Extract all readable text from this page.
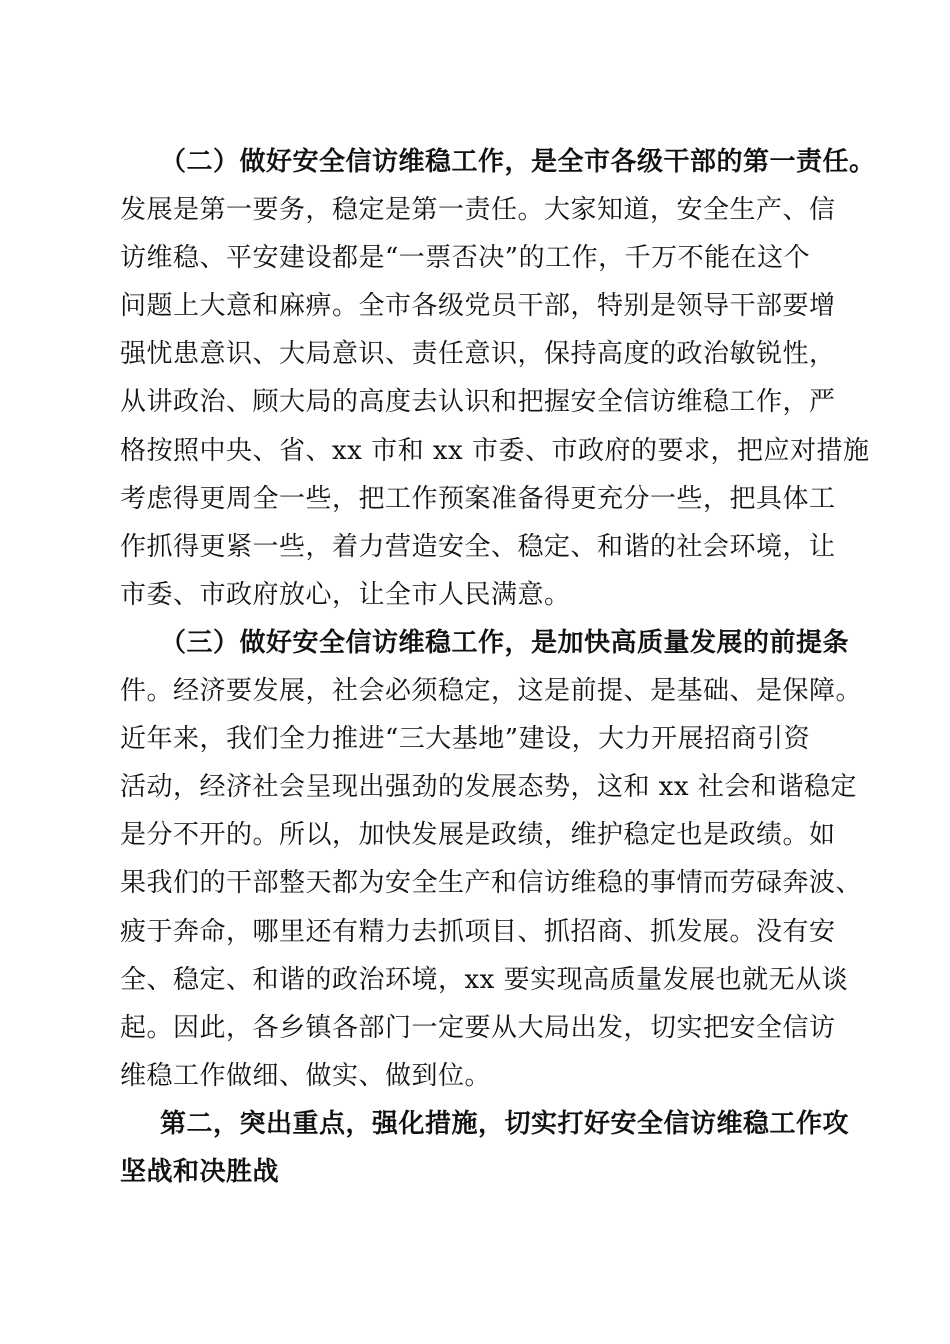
（二）做好安全信访维稳工作，是全市各级干部的第一责任。
发展是第一要务，稳定是第一责任。大家知道，安全生产、信
访维稳、平安建设都是“一票否决”的工作，千万不能在这个
问题上大意和麻痹。全市各级党员干部，特别是领导干部要增
强忧患意识、大局意识、责任意识，保持高度的政治敏锐性，
从讲政治、顾大局的高度去认识和把握安全信访维稳工作，严
格按照中央、省、xx 市和 xx 市委、市政府的要求，把应对措施
考虑得更周全一些，把工作预案准备得更充分一些，把具体工
作抓得更紧一些，着力营造安全、稳定、和谐的社会环境，让
市委、市政府放心，让全市人民满意。
（三）做好安全信访维稳工作，是加快高质量发展的前提条
件。经济要发展，社会必须稳定，这是前提、是基础、是保障。
近年来，我们全力推进“三大基地”建设，大力开展招商引资
活动，经济社会呈现出强劲的发展态势，这和 xx 社会和谐稳定
是分不开的。所以，加快发展是政绩，维护稳定也是政绩。如
果我们的干部整天都为安全生产和信访维稳的事情而劳碌奔波、
疲于奔命，哪里还有精力去抓项目、抓招商、抓发展。没有安
全、稳定、和谐的政治环境，xx 要实现高质量发展也就无从谈
起。因此，各乡镇各部门一定要从大局出发，切实把安全信访
维稳工作做细、做实、做到位。
第二，突出重点，强化措施，切实打好安全信访维稳工作攻
坚战和决胜战
